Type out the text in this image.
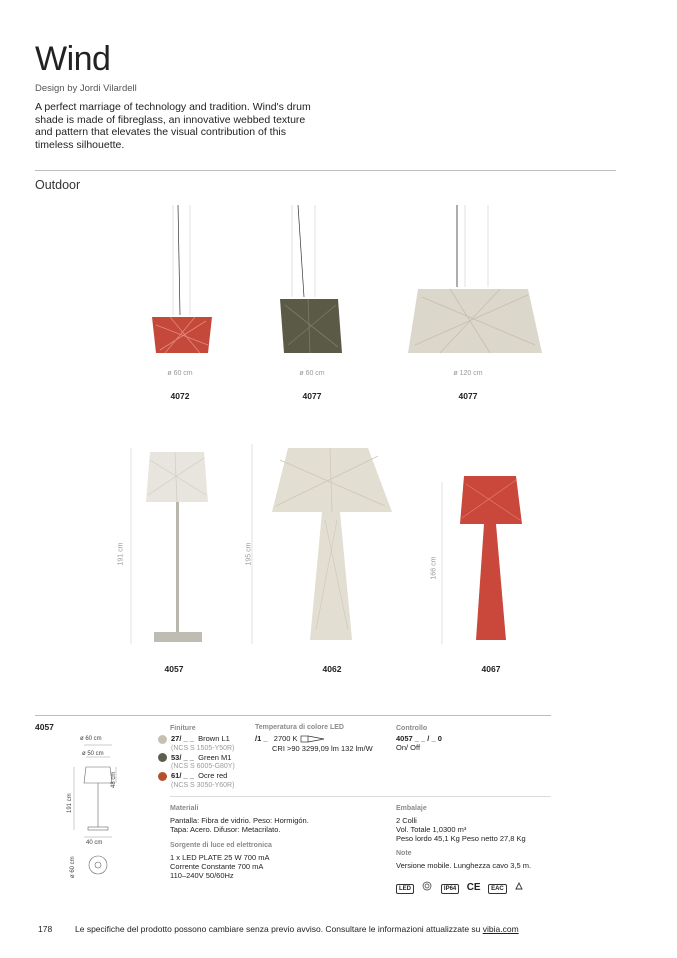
Wind
Design by Jordi Vilardell
A perfect marriage of technology and tradition. Wind's drum shade is made of fibreglass, an innovative webbed texture and pattern that elevates the visual contribution of this timeless silhouette.
Outdoor
ø 60 cm
4072
ø 60 cm
4077
ø 120 cm
4077
191 cm	195 cm
166 cm
4057	4062	4067
4057
ø 60 cm
ø 50 cm
48 cm
191 cm
40 cm
ø 60 cm
Finiture
27/ _ _ Brown L1
(NCS S 1505-Y50R)
53/ _ _ Green M1
(NCS S 6005-G80Y)
61/ _ _ Ocre red
(NCS S 3050-Y60R)
Temperatura di colore LED
/1 _ 2700 K
CRI >90 3299,09 lm 132 lm/W
Controllo
4057 _ _ / _ 0
On/ Off
Materiali
Pantalla: Fibra de vidrio. Peso: Hormigón.
Tapa: Acero. Difusor: Metacrilato.
Sorgente di luce ed elettronica
1 x LED PLATE 25 W 700 mA
Corrente Constante 700 mA
110–240V 50/60Hz
Embalaje
2 Colli
Vol. Totale 1,0300 m³
Peso lordo 45,1 Kg Peso netto 27,8 Kg
Note
Versione mobile. Lunghezza cavo 3,5 m.
LED	IP64 CE EAC
178	Le specifiche del prodotto possono cambiare senza previo avviso. Consultare le informazioni attualizzate su vibia.com
